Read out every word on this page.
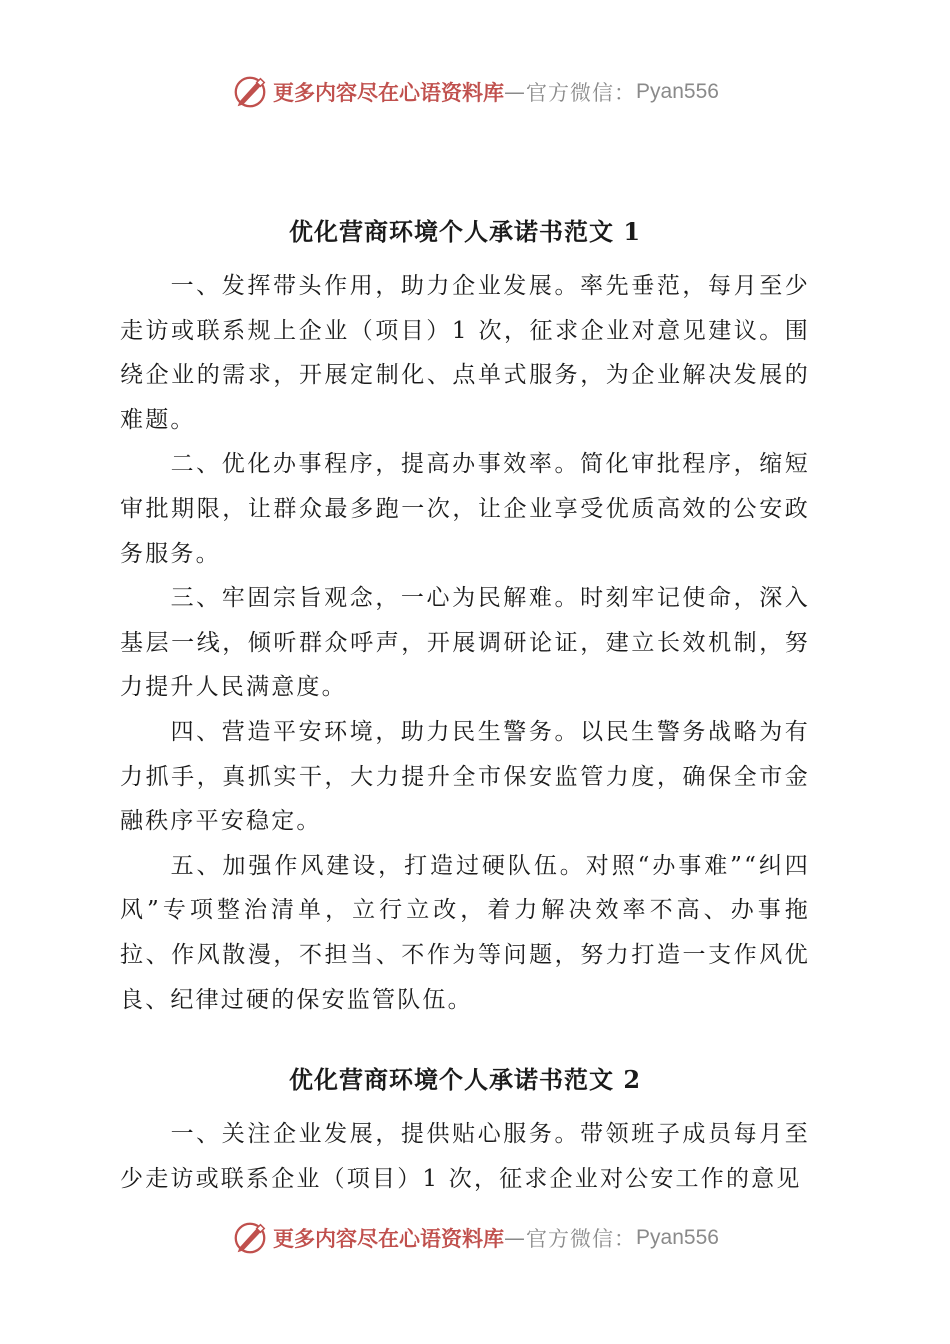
更多内容尽在心语资料库 — 官方微信： Pyan556
优化营商环境个人承诺书范文 1

一、发挥带头作用，助力企业发展。率先垂范，每月至少走访或联系规上企业（项目）1 次，征求企业对意见建议。围绕企业的需求，开展定制化、点单式服务，为企业解决发展的难题。

二、优化办事程序，提高办事效率。简化审批程序，缩短审批期限，让群众最多跑一次，让企业享受优质高效的公安政务服务。

三、牢固宗旨观念，一心为民解难。时刻牢记使命，深入基层一线，倾听群众呼声，开展调研论证，建立长效机制，努力提升人民满意度。

四、营造平安环境，助力民生警务。以民生警务战略为有力抓手，真抓实干，大力提升全市保安监管力度，确保全市金融秩序平安稳定。

五、加强作风建设，打造过硬队伍。对照“办事难”“纠四风”专项整治清单，立行立改，着力解决效率不高、办事拖拉、作风散漫，不担当、不作为等问题，努力打造一支作风优良、纪律过硬的保安监管队伍。

优化营商环境个人承诺书范文 2

一、关注企业发展，提供贴心服务。带领班子成员每月至少走访或联系企业（项目）1 次，征求企业对公安工作的意见

更多内容尽在心语资料库 — 官方微信： Pyan556
